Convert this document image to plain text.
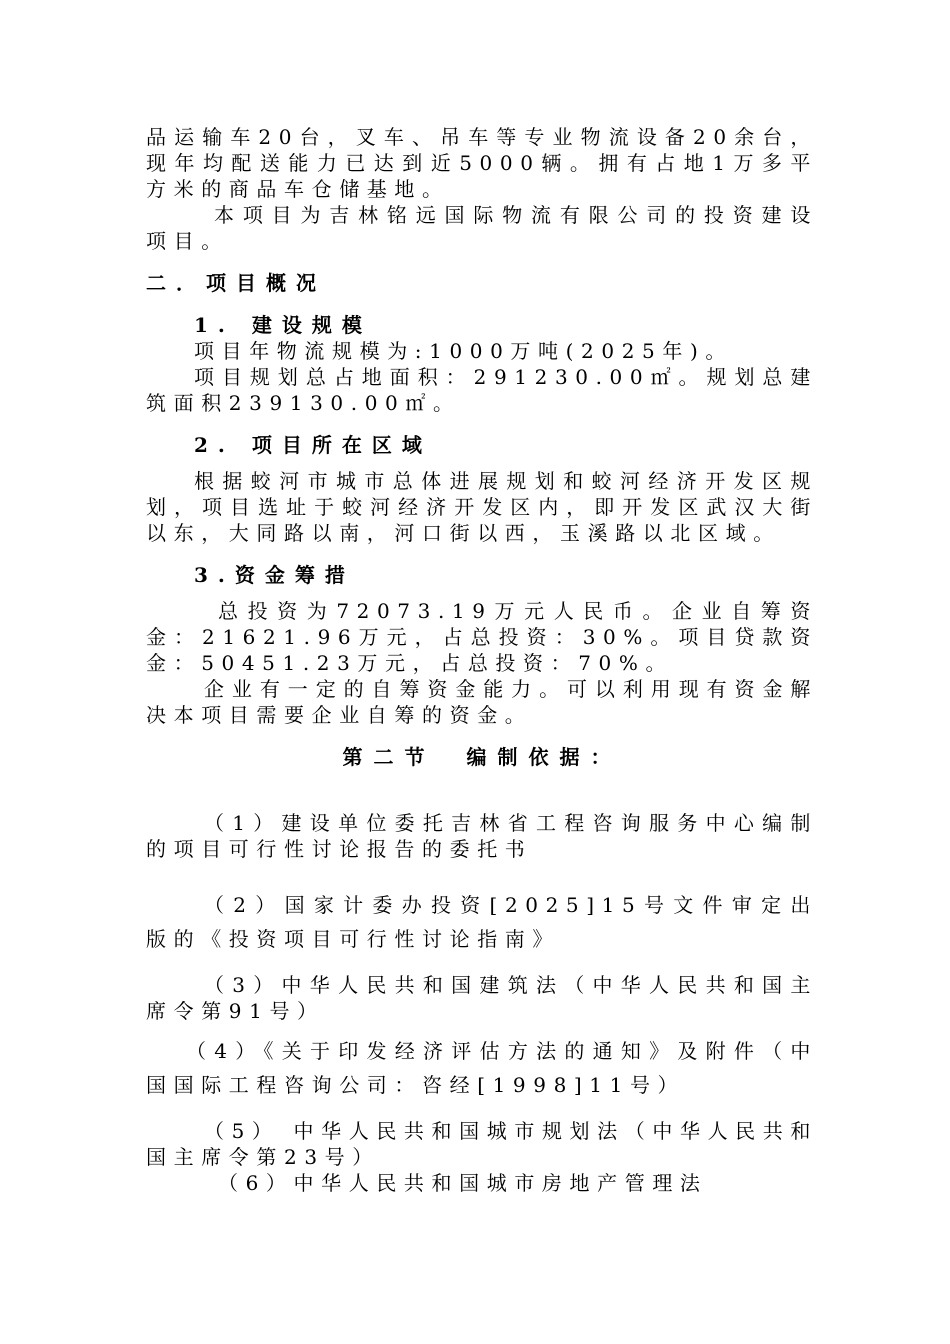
品运输车20台，叉车、吊车等专业物流设备20余台，现年均配送能力已达到近5000辆。拥有占地1万多平方米的商品车仓储基地。

本项目为吉林铭远国际物流有限公司的投资建设项目。

二．项目概况
1. 建设规模

项目年物流规模为:1000万吨(2025年)。

项目规划总占地面积：291230.00㎡。规划总建筑面积239130.00㎡。

2. 项目所在区域

根据蛟河市城市总体进展规划和蛟河经济开发区规划，项目选址于蛟河经济开发区内，即开发区武汉大街以东，大同路以南，河口街以西，玉溪路以北区域。

3.资金筹措

总投资为72073.19万元人民币。企业自筹资金：21621.96万元，占总投资：30%。项目贷款资金：50451.23万元，占总投资：70%。

企业有一定的自筹资金能力。可以利用现有资金解决本项目需要企业自筹的资金。

第二节　编制依据：

（1）建设单位委托吉林省工程咨询服务中心编制的项目可行性讨论报告的委托书

（2）国家计委办投资[2025]15号文件审定出版的《投资项目可行性讨论指南》

（3）中华人民共和国建筑法（中华人民共和国主席令第91号）

（4）《关于印发经济评估方法的通知》及附件（中国国际工程咨询公司：咨经[1998]11号）

（5） 中华人民共和国城市规划法（中华人民共和国主席令第23号）

（6）中华人民共和国城市房地产管理法
